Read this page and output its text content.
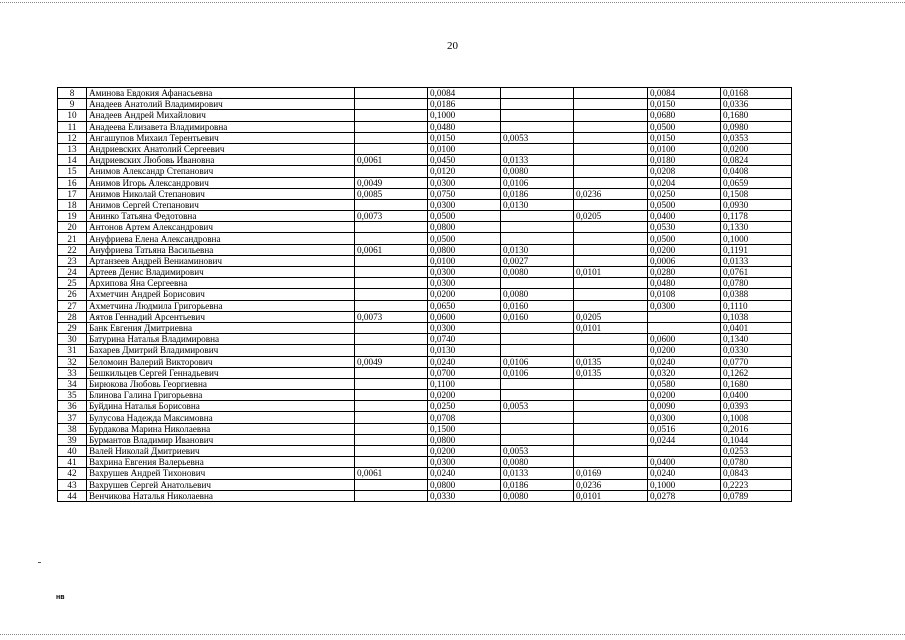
20
8	Аминова Евдокия Афанасьевна		0,0084			0,0084	0,0168
9	Анадеев Анатолий Владимирович		0,0186			0,0150	0,0336
10	Анадеев Андрей Михайлович		0,1000			0,0680	0,1680
11	Анадеева Елизавета Владимировна		0,0480			0,0500	0,0980
12	Ангашупов Михаил Терентьевич		0,0150	0,0053		0,0150	0,0353
13	Андриевских Анатолий Сергеевич		0,0100			0,0100	0,0200
14	Андриевских Любовь Ивановна	0,0061	0,0450	0,0133		0,0180	0,0824
15	Анимов Александр Степанович		0,0120	0,0080		0,0208	0,0408
16	Анимов Игорь Александрович	0,0049	0,0300	0,0106		0,0204	0,0659
17	Анимов Николай Степанович	0,0085	0,0750	0,0186	0,0236	0,0250	0,1508
18	Анимов Сергей Степанович		0,0300	0,0130		0,0500	0,0930
19	Анинко Татьяна Федотовна	0,0073	0,0500		0,0205	0,0400	0,1178
20	Антонов Артем Александрович		0,0800			0,0530	0,1330
21	Ануфриева Елена Александровна		0,0500			0,0500	0,1000
22	Ануфриева Татьяна Васильевна	0,0061	0,0800	0,0130		0,0200	0,1191
23	Артанзеев Андрей Вениаминович		0,0100	0,0027		0,0006	0,0133
24	Артеев Денис Владимирович		0,0300	0,0080	0,0101	0,0280	0,0761
25	Архипова Яна Сергеевна		0,0300			0,0480	0,0780
26	Ахметчин Андрей Борисович		0,0200	0,0080		0,0108	0,0388
27	Ахметчина Людмила Григорьевна		0,0650	0,0160		0,0300	0,1110
28	Аятов Геннадий Арсентьевич	0,0073	0,0600	0,0160	0,0205		0,1038
29	Банк Евгения Дмитриевна		0,0300		0,0101		0,0401
30	Батурина Наталья Владимировна		0,0740			0,0600	0,1340
31	Бахарев Дмитрий Владимирович		0,0130			0,0200	0,0330
32	Беломоин Валерий Викторович	0,0049	0,0240	0,0106	0,0135	0,0240	0,0770
33	Бешкильцев Сергей Геннадьевич		0,0700	0,0106	0,0135	0,0320	0,1262
34	Бирюкова Любовь Георгиевна		0,1100			0,0580	0,1680
35	Блинова Галина Григорьевна		0,0200			0,0200	0,0400
36	Буйдина Наталья Борисовна		0,0250	0,0053		0,0090	0,0393
37	Булусова Надежда Максимовна		0,0708			0,0300	0,1008
38	Бурдакова Марина Николаевна		0,1500			0,0516	0,2016
39	Бурмантов Владимир Иванович		0,0800			0,0244	0,1044
40	Валей Николай Дмитриевич		0,0200	0,0053			0,0253
41	Вахрина Евгения Валерьевна		0,0300	0,0080		0,0400	0,0780
42	Вахрушев Андрей Тихонович	0,0061	0,0240	0,0133	0,0169	0,0240	0,0843
43	Вахрушев Сергей Анатольевич		0,0800	0,0186	0,0236	0,1000	0,2223
44	Венчикова Наталья Николаевна		0,0330	0,0080	0,0101	0,0278	0,0789
нв
